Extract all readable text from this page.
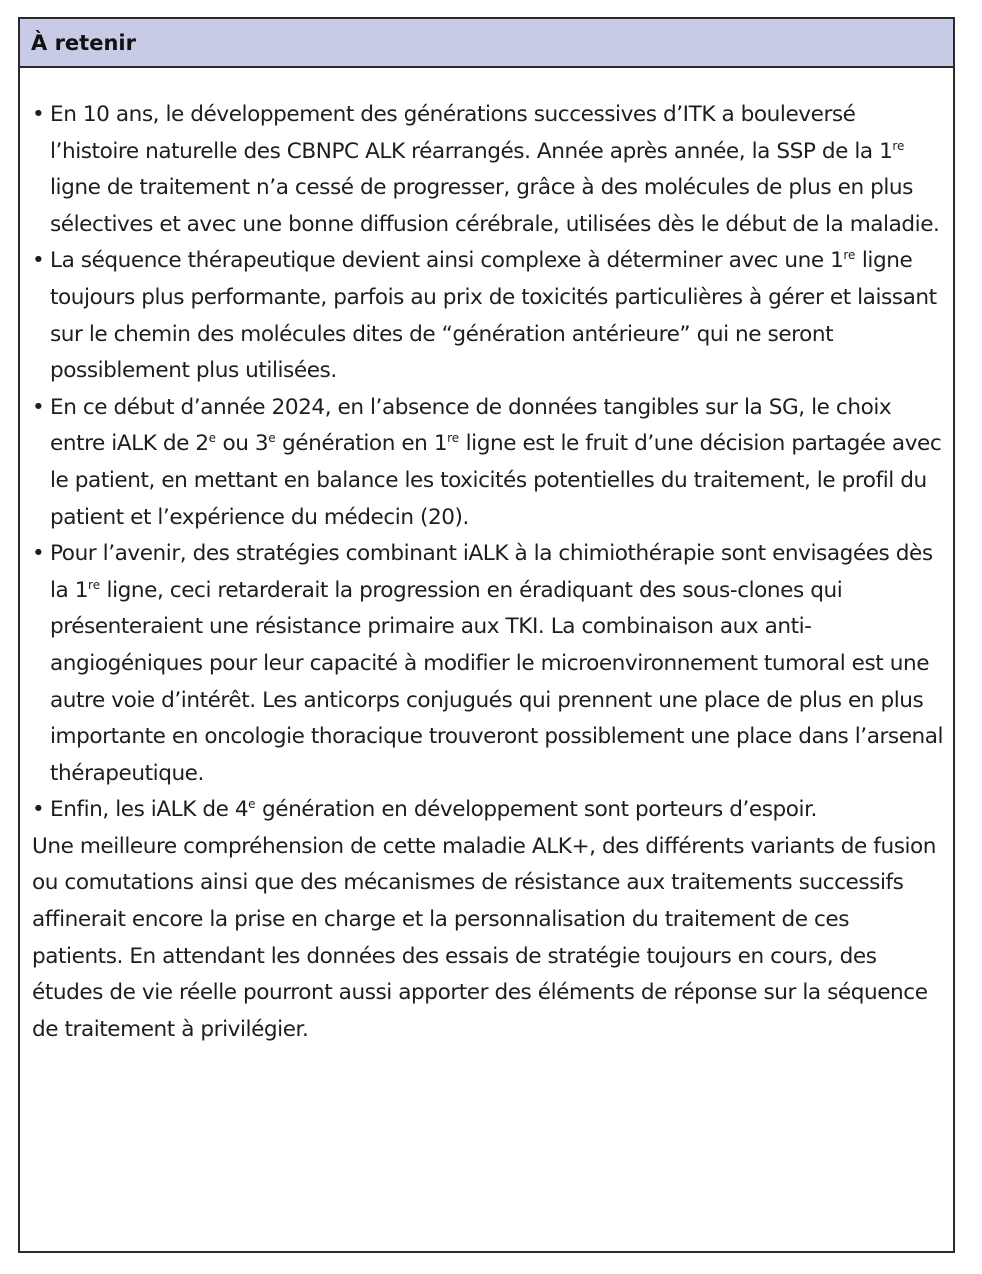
À retenir
• En 10 ans, le développement des générations successives d’ITK a bouleversé l’histoire naturelle des CBNPC ALK réarrangés. Année après année, la SSP de la 1re ligne de traitement n’a cessé de progresser, grâce à des molécules de plus en plus sélectives et avec une bonne diffusion cérébrale, utilisées dès le début de la maladie.
• La séquence thérapeutique devient ainsi complexe à déterminer avec une 1re ligne toujours plus performante, parfois au prix de toxicités particulières à gérer et laissant sur le chemin des molécules dites de “génération antérieure” qui ne seront possiblement plus utilisées.
• En ce début d’année 2024, en l’absence de données tangibles sur la SG, le choix entre iALK de 2e ou 3e génération en 1re ligne est le fruit d’une décision partagée avec le patient, en mettant en balance les toxicités potentielles du traitement, le profil du patient et l’expérience du médecin (20).
• Pour l’avenir, des stratégies combinant iALK à la chimiothérapie sont envisagées dès la 1re ligne, ceci retarderait la progression en éradiquant des sous-clones qui présenteraient une résistance primaire aux TKI. La combinaison aux anti-angiogéniques pour leur capacité à modifier le microenvironnement tumoral est une autre voie d’intérêt. Les anticorps conjugués qui prennent une place de plus en plus importante en oncologie thoracique trouveront possiblement une place dans l’arsenal thérapeutique.
• Enfin, les iALK de 4e génération en développement sont porteurs d’espoir.

Une meilleure compréhension de cette maladie ALK+, des différents variants de fusion ou comutations ainsi que des mécanismes de résistance aux traitements successifs affinerait encore la prise en charge et la personnalisation du traitement de ces patients. En attendant les données des essais de stratégie toujours en cours, des études de vie réelle pourront aussi apporter des éléments de réponse sur la séquence de traitement à privilégier.
